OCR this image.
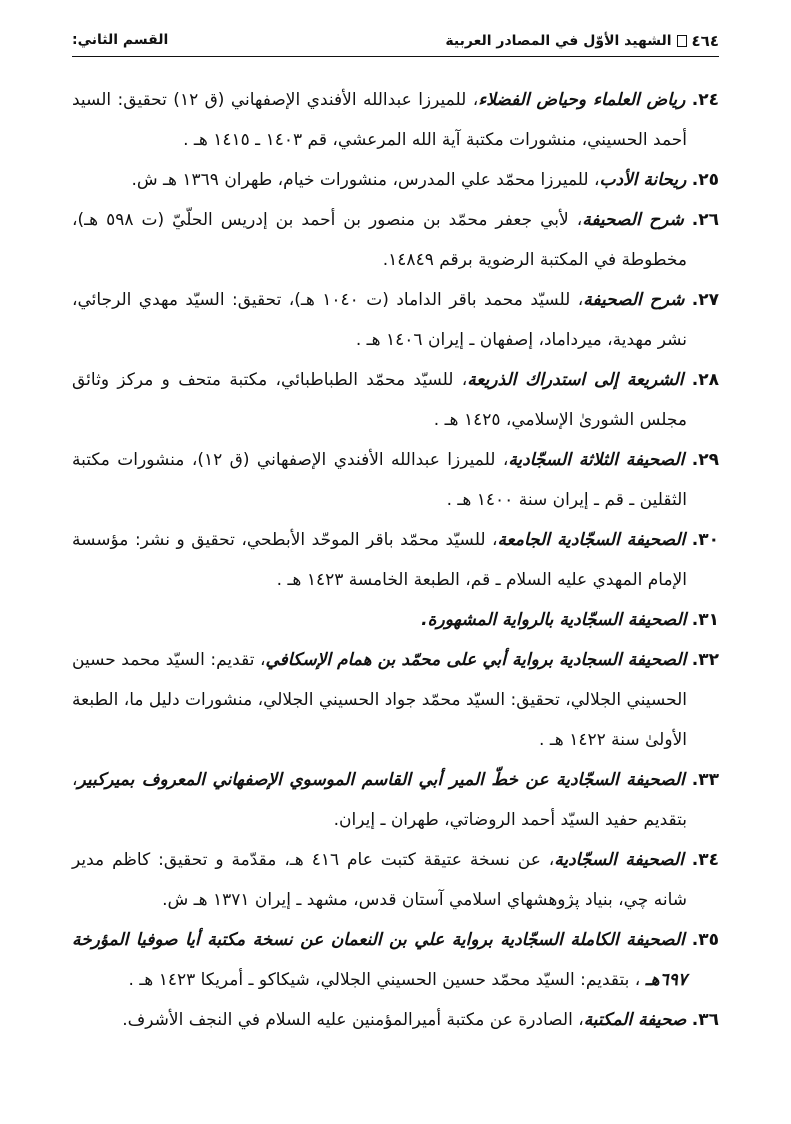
٤٦٤
الشهيد الأوّل في المصادر العربية
القسم الثاني:

٢٤. رياض العلماء وحياض الفضلاء، للميرزا عبدالله الأفندي الإصفهاني (ق ١٢) تحقيق: السيد أحمد الحسيني، منشورات مكتبة آية الله المرعشي، قم ١٤٠٣ ـ ١٤١٥ هـ .

٢٥. ريحانة الأدب، للميرزا محمّد علي المدرس، منشورات خيام، طهران ١٣٦٩ هـ ش.

٢٦. شرح الصحيفة، لأبي جعفر محمّد بن منصور بن أحمد بن إدريس الحلّيّ (ت ٥٩٨ هـ)، مخطوطة في المكتبة الرضوية برقم ١٤٨٤٩.

٢٧. شرح الصحيفة، للسيّد محمد باقر الداماد (ت ١٠٤٠ هـ)، تحقيق: السيّد مهدي الرجائي، نشر مهدية، ميرداماد، إصفهان ـ إيران ١٤٠٦ هـ .

٢٨. الشريعة إلى استدراك الذريعة، للسيّد محمّد الطباطبائي، مكتبة متحف و مركز وثائق مجلس الشورىٰ الإسلامي، ١٤٢٥ هـ .

٢٩. الصحيفة الثلاثة السجّادية، للميرزا عبدالله الأفندي الإصفهاني (ق ١٢)، منشورات مكتبة الثقلين ـ قم ـ إيران سنة ١٤٠٠ هـ .

٣٠. الصحيفة السجّادية الجامعة، للسيّد محمّد باقر الموحّد الأبطحي، تحقيق و نشر: مؤسسة الإمام المهدي عليه السلام ـ قم، الطبعة الخامسة ١٤٢٣ هـ .

٣١. الصحيفة السجّادية بالرواية المشهورة.

٣٢. الصحيفة السجادية برواية أبي على محمّد بن همام الإسكافي، تقديم: السيّد محمد حسين الحسيني الجلالي، تحقيق: السيّد محمّد جواد الحسيني الجلالي، منشورات دليل ما، الطبعة الأولىٰ سنة ١٤٢٢ هـ .

٣٣. الصحيفة السجّادية عن خطّ المير أبي القاسم الموسوي الإصفهاني المعروف بميركبير، بتقديم حفيد السيّد أحمد الروضاتي، طهران ـ إيران.

٣٤. الصحيفة السجّادية، عن نسخة عتيقة كتبت عام ٤١٦ هـ، مقدّمة و تحقيق: كاظم مدير شانه چي، بنياد پژوهشهاي اسلامي آستان قدس، مشهد ـ إيران ١٣٧١ هـ ش.

٣٥. الصحيفة الكاملة السجّادية برواية علي بن النعمان عن نسخة مكتبة أيا صوفيا المؤرخة ٦٩٧هـ ، بتقديم: السيّد محمّد حسين الحسيني الجلالي، شيكاكو ـ أمريكا ١٤٢٣ هـ .

٣٦. صحيفة المكتبة، الصادرة عن مكتبة أميرالمؤمنين عليه السلام في النجف الأشرف.
